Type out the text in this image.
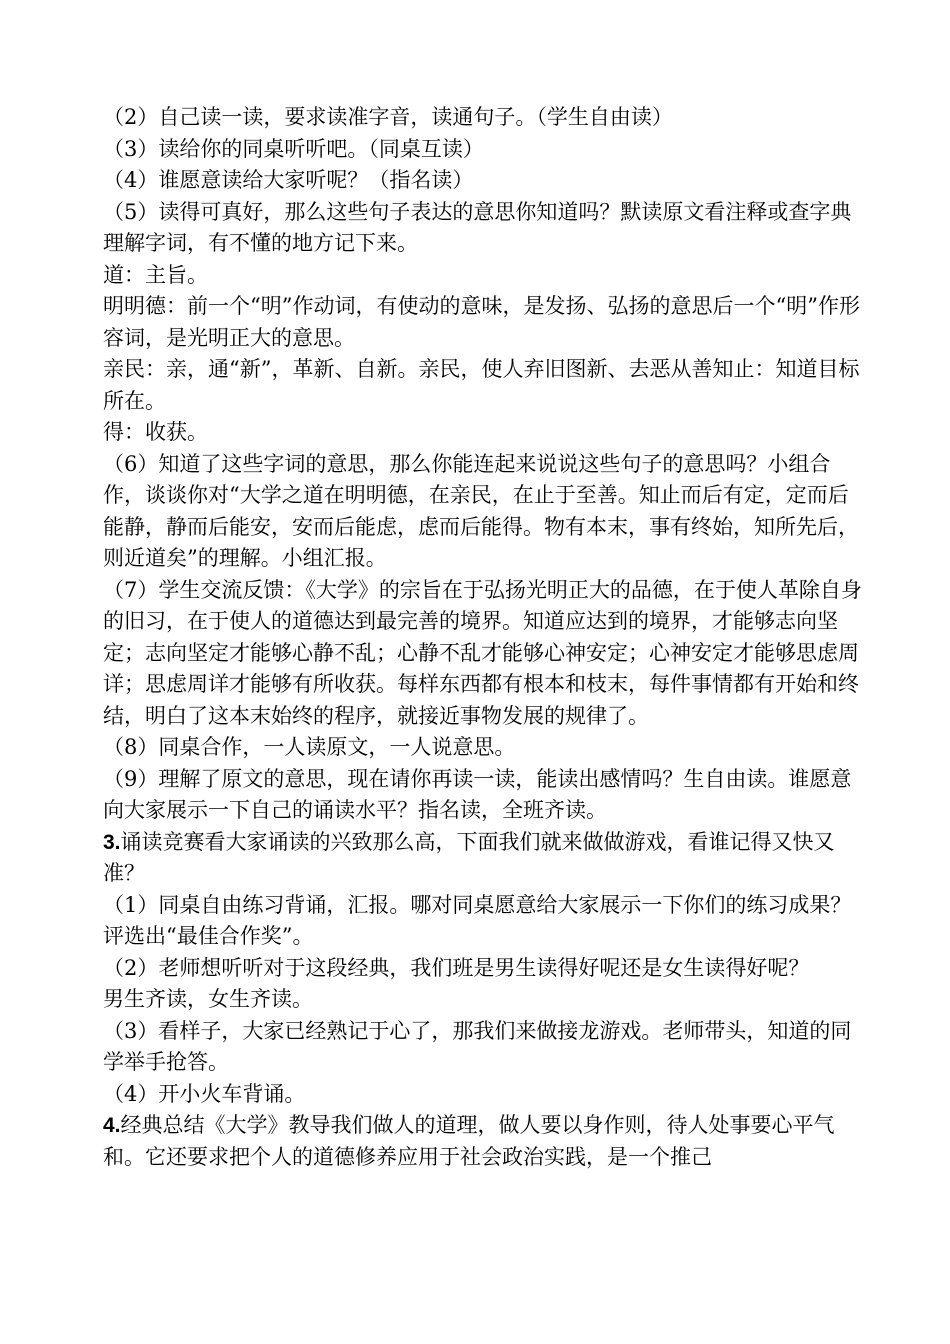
（2）自己读一读，要求读准字音，读通句子。（学生自由读）

（3）读给你的同桌听听吧。（同桌互读）

（4）谁愿意读给大家听呢？（指名读）

（5）读得可真好，那么这些句子表达的意思你知道吗？默读原文看注释或查字典理解字词，有不懂的地方记下来。

道：主旨。

明明德：前一个“明”作动词，有使动的意味，是发扬、弘扬的意思后一个“明”作形容词，是光明正大的意思。

亲民：亲，通“新”，革新、自新。亲民，使人弃旧图新、去恶从善知止：知道目标所在。

得：收获。

（6）知道了这些字词的意思，那么你能连起来说说这些句子的意思吗？小组合作，谈谈你对“大学之道在明明德，在亲民，在止于至善。知止而后有定，定而后能静，静而后能安，安而后能虑，虑而后能得。物有本末，事有终始，知所先后，则近道矣”的理解。小组汇报。

（7）学生交流反馈：《大学》的宗旨在于弘扬光明正大的品德，在于使人革除自身的旧习，在于使人的道德达到最完善的境界。知道应达到的境界，才能够志向坚定；志向坚定才能够心静不乱；心静不乱才能够心神安定；心神安定才能够思虑周详；思虑周详才能够有所收获。每样东西都有根本和枝末，每件事情都有开始和终结，明白了这本末始终的程序，就接近事物发展的规律了。

（8）同桌合作，一人读原文，一人说意思。

（9）理解了原文的意思，现在请你再读一读，能读出感情吗？生自由读。谁愿意向大家展示一下自己的诵读水平？指名读，全班齐读。

3.诵读竞赛看大家诵读的兴致那么高，下面我们就来做做游戏，看谁记得又快又准？

（1）同桌自由练习背诵，汇报。哪对同桌愿意给大家展示一下你们的练习成果？评选出“最佳合作奖”。

（2）老师想听听对于这段经典，我们班是男生读得好呢还是女生读得好呢？

男生齐读，女生齐读。

（3）看样子，大家已经熟记于心了，那我们来做接龙游戏。老师带头，知道的同学举手抢答。

（4）开小火车背诵。

4.经典总结《大学》教导我们做人的道理，做人要以身作则，待人处事要心平气和。它还要求把个人的道德修养应用于社会政治实践，是一个推己
